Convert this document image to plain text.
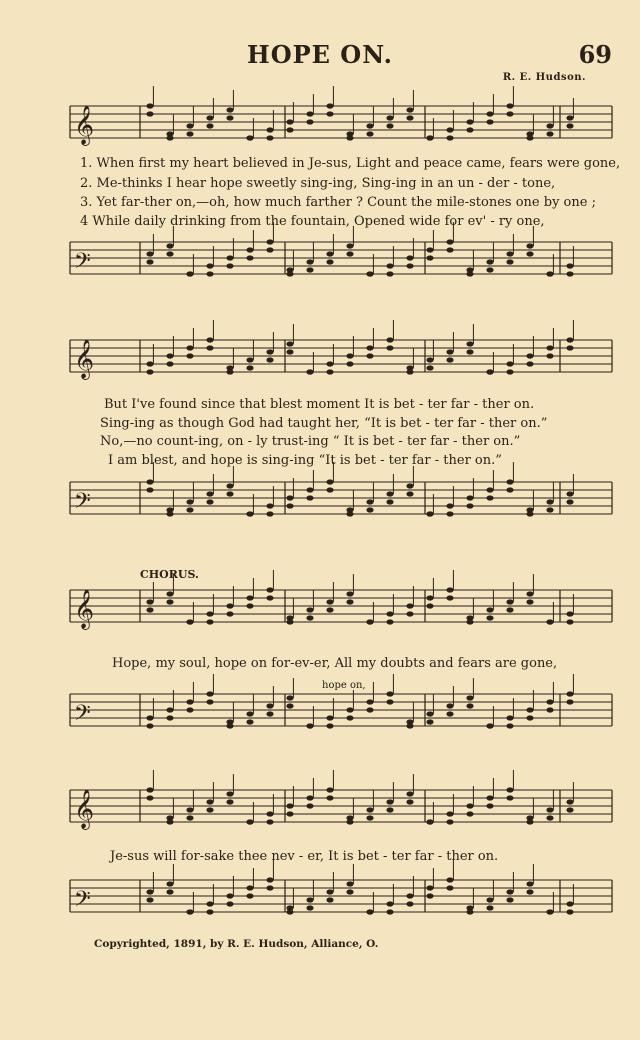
HOPE ON.	69
R. E. Hudson.
𝄞
1. When first my heart believed in Je-sus, Light and peace came, fears were gone,
2. Me-thinks I hear hope sweetly sing-ing, Sing-ing in an un - der - tone,
3. Yet far-ther on,—oh, how much farther ? Count the mile-stones one by one ;
4 While daily drinking from the fountain, Opened wide for ev' - ry one,
𝄢
𝄞
But I've found since that blest moment It is bet - ter far - ther on.
Sing-ing as though God had taught her, “It is bet - ter far - ther on.”
No,—no count-ing, on - ly trust-ing “ It is bet - ter far - ther on.”
I am blest, and hope is sing-ing “It is bet - ter far - ther on.”
𝄢
CHORUS.
𝄞
Hope, my soul, hope on for-ev-er, All my doubts and fears are gone,
hope on,
𝄢
𝄞
Je-sus will for-sake thee nev - er, It is bet - ter far - ther on.
𝄢
Copyrighted, 1891, by R. E. Hudson, Alliance, O.
